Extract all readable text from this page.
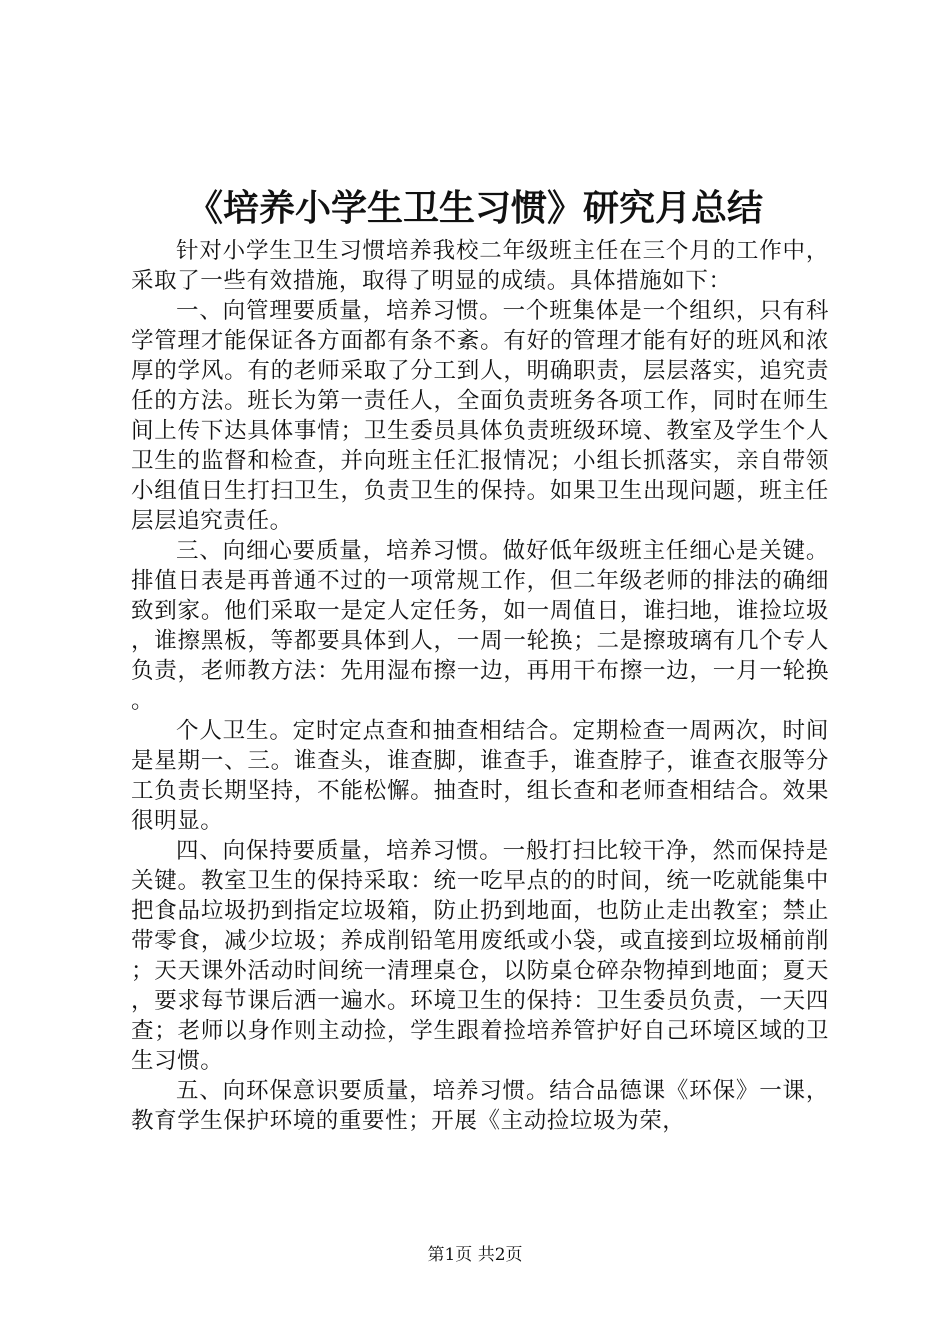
《培养小学生卫生习惯》研究月总结

针对小学生卫生习惯培养我校二年级班主任在三个月的工作中，采取了一些有效措施，取得了明显的成绩。具体措施如下：

一、向管理要质量，培养习惯。一个班集体是一个组织，只有科学管理才能保证各方面都有条不紊。有好的管理才能有好的班风和浓厚的学风。有的老师采取了分工到人，明确职责，层层落实，追究责任的方法。班长为第一责任人，全面负责班务各项工作，同时在师生间上传下达具体事情；卫生委员具体负责班级环境、教室及学生个人卫生的监督和检查，并向班主任汇报情况；小组长抓落实，亲自带领小组值日生打扫卫生，负责卫生的保持。如果卫生出现问题，班主任层层追究责任。

三、向细心要质量，培养习惯。做好低年级班主任细心是关键。排值日表是再普通不过的一项常规工作，但二年级老师的排法的确细致到家。他们采取一是定人定任务，如一周值日，谁扫地，谁捡垃圾，谁擦黑板，等都要具体到人，一周一轮换；二是擦玻璃有几个专人负责，老师教方法：先用湿布擦一边，再用干布擦一边，一月一轮换。

个人卫生。定时定点查和抽查相结合。定期检查一周两次，时间是星期一、三。谁查头，谁查脚，谁查手，谁查脖子，谁查衣服等分工负责长期坚持，不能松懈。抽查时，组长查和老师查相结合。效果很明显。

四、向保持要质量，培养习惯。一般打扫比较干净，然而保持是关键。教室卫生的保持采取：统一吃早点的的时间，统一吃就能集中把食品垃圾扔到指定垃圾箱，防止扔到地面，也防止走出教室；禁止带零食，减少垃圾；养成削铅笔用废纸或小袋，或直接到垃圾桶前削；天天课外活动时间统一清理桌仓，以防桌仓碎杂物掉到地面；夏天，要求每节课后洒一遍水。环境卫生的保持：卫生委员负责，一天四查；老师以身作则主动捡，学生跟着捡培养管护好自己环境区域的卫生习惯。

五、向环保意识要质量，培养习惯。结合品德课《环保》一课，教育学生保护环境的重要性；开展《主动捡垃圾为荣，

第1页 共2页
